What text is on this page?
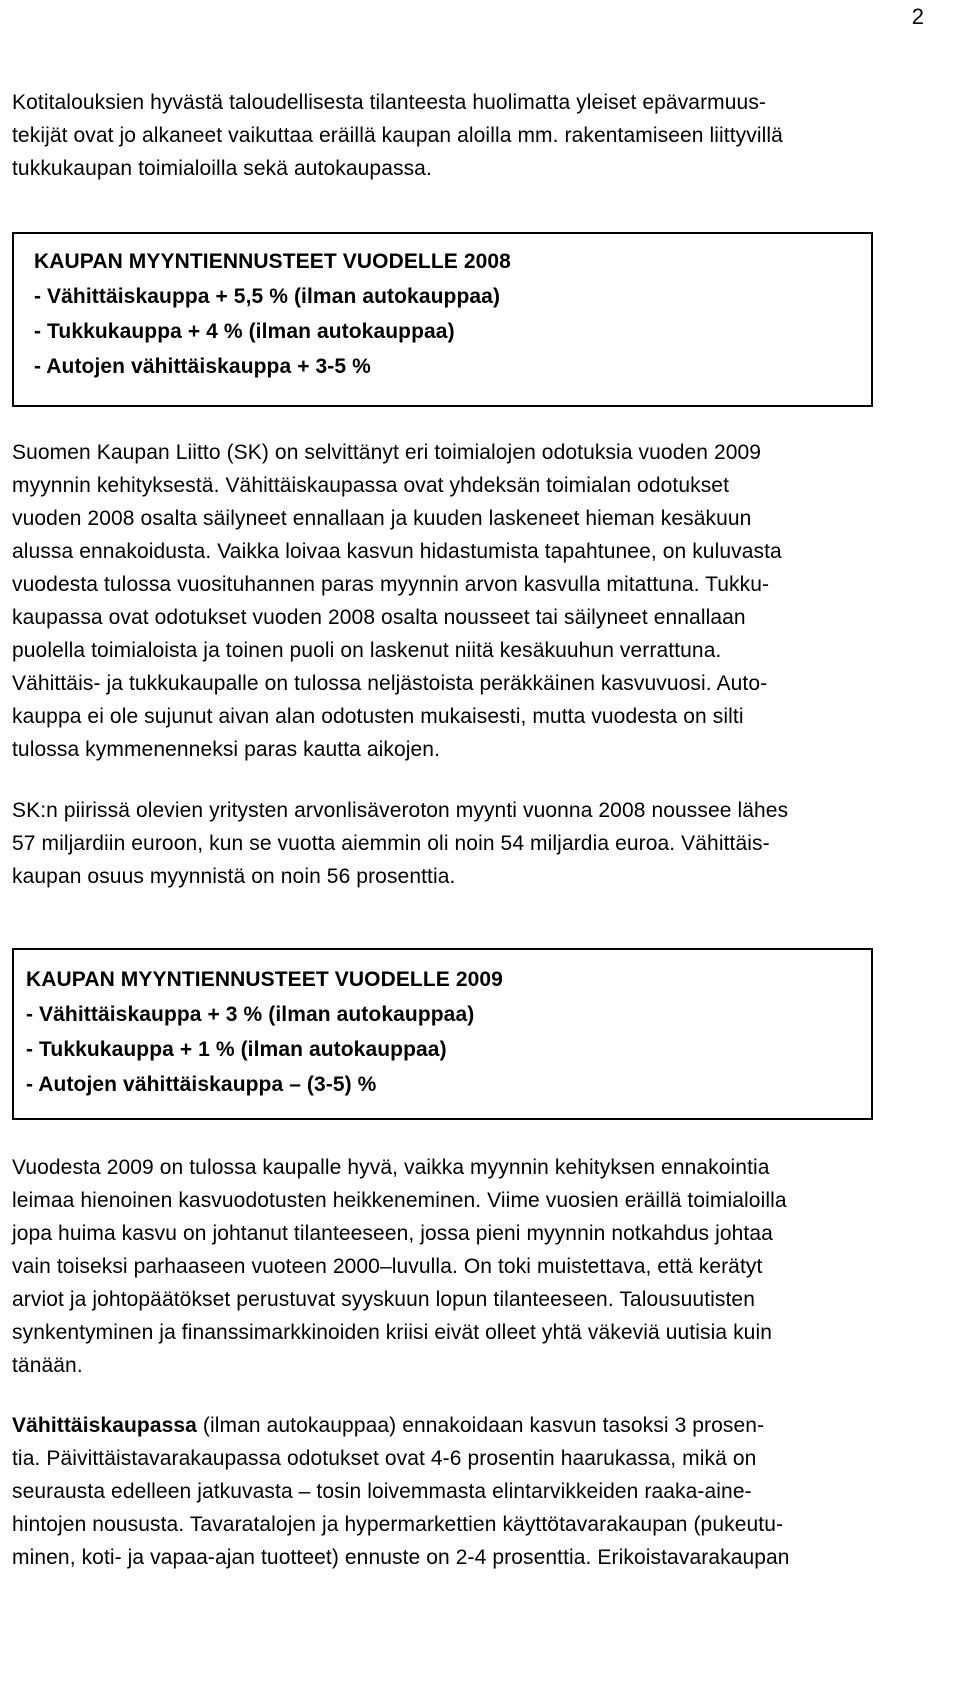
2
Kotitalouksien hyvästä taloudellisesta tilanteesta huolimatta yleiset epävarmuus-
tekijät ovat jo alkaneet vaikuttaa eräillä kaupan aloilla mm. rakentamiseen liittyvillä
tukkukaupan toimialoilla sekä autokaupassa.
KAUPAN MYYNTIENNUSTEET VUODELLE 2008
- Vähittäiskauppa + 5,5 % (ilman autokauppaa)
- Tukkukauppa + 4 % (ilman autokauppaa)
- Autojen vähittäiskauppa + 3-5 %
Suomen Kaupan Liitto (SK) on selvittänyt eri toimialojen odotuksia vuoden 2009
myynnin kehityksestä. Vähittäiskaupassa ovat yhdeksän toimialan odotukset
vuoden 2008 osalta säilyneet ennallaan ja kuuden laskeneet hieman kesäkuun
alussa ennakoidusta. Vaikka loivaa kasvun hidastumista tapahtunee, on kuluvasta
vuodesta tulossa vuosituhannen paras myynnin arvon kasvulla mitattuna. Tukku-
kaupassa ovat odotukset vuoden 2008 osalta nousseet tai säilyneet ennallaan
puolella toimialoista ja toinen puoli on laskenut niitä kesäkuuhun verrattuna.
Vähittäis- ja tukkukaupalle on tulossa neljästoista peräkkäinen kasvuvuosi. Auto-
kauppa ei ole sujunut aivan alan odotusten mukaisesti, mutta vuodesta on silti
tulossa kymmenenneksi paras kautta aikojen.
SK:n piirissä olevien yritysten arvonlisäveroton myynti vuonna 2008 noussee lähes
57 miljardiin euroon, kun se vuotta aiemmin oli noin 54 miljardia euroa. Vähittäis-
kaupan osuus myynnistä on noin 56 prosenttia.
KAUPAN MYYNTIENNUSTEET VUODELLE 2009
- Vähittäiskauppa + 3 % (ilman autokauppaa)
- Tukkukauppa + 1 % (ilman autokauppaa)
- Autojen vähittäiskauppa – (3-5) %
Vuodesta 2009 on tulossa kaupalle hyvä, vaikka myynnin kehityksen ennakointia
leimaa hienoinen kasvuodotusten heikkeneminen. Viime vuosien eräillä toimialoilla
jopa huima kasvu on johtanut tilanteeseen, jossa pieni myynnin notkahdus johtaa
vain toiseksi parhaaseen vuoteen 2000–luvulla. On toki muistettava, että kerätyt
arviot ja johtopäätökset perustuvat syyskuun lopun tilanteeseen. Talousuutisten
synkentyminen ja finanssimarkkinoiden kriisi eivät olleet yhtä väkeviä uutisia kuin
tänään.
Vähittäiskaupassa (ilman autokauppaa) ennakoidaan kasvun tasoksi 3 prosen-
tia. Päivittäistavarakaupassa odotukset ovat 4-6 prosentin haarukassa, mikä on
seurausta edelleen jatkuvasta – tosin loivemmasta elintarvikkeiden raaka-aine-
hintojen noususta. Tavaratalojen ja hypermarkettien käyttötavarakaupan (pukeutu-
minen, koti- ja vapaa-ajan tuotteet) ennuste on 2-4 prosenttia. Erikoistavarakaupan
